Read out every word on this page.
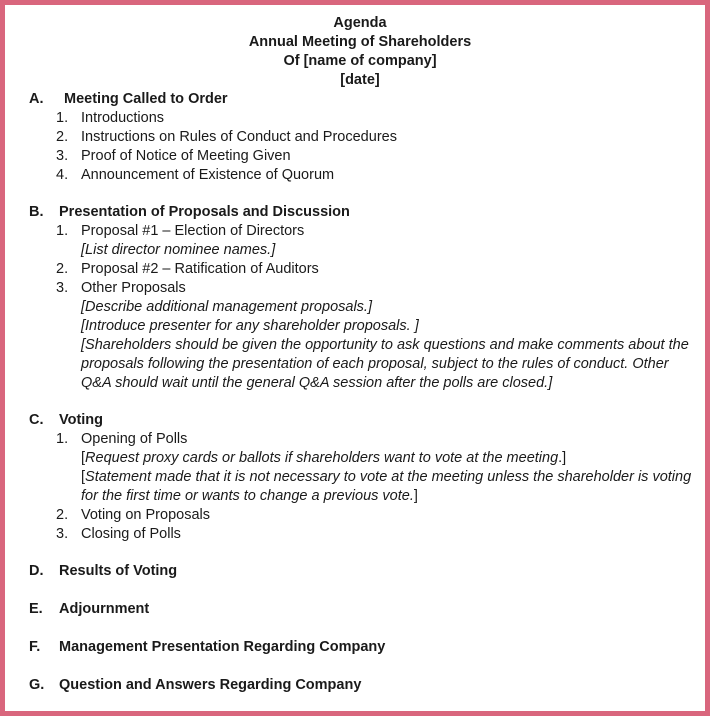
Agenda
Annual Meeting of Shareholders
Of [name of company]
[date]
A. Meeting Called to Order
1. Introductions
2. Instructions on Rules of Conduct and Procedures
3. Proof of Notice of Meeting Given
4. Announcement of Existence of Quorum
B. Presentation of Proposals and Discussion
1. Proposal #1 – Election of Directors
[List director nominee names.]
2. Proposal #2 – Ratification of Auditors
3. Other Proposals
[Describe additional management proposals.]
[Introduce presenter for any shareholder proposals. ]
[Shareholders should be given the opportunity to ask questions and make comments about the
proposals following the presentation of each proposal, subject to the rules of conduct. Other
Q&A should wait until the general Q&A session after the polls are closed.]
C. Voting
1. Opening of Polls
[Request proxy cards or ballots if shareholders want to vote at the meeting.]
[Statement made that it is not necessary to vote at the meeting unless the shareholder is voting
for the first time or wants to change a previous vote.]
2. Voting on Proposals
3. Closing of Polls
D. Results of Voting
E. Adjournment
F. Management Presentation Regarding Company
G. Question and Answers Regarding Company
